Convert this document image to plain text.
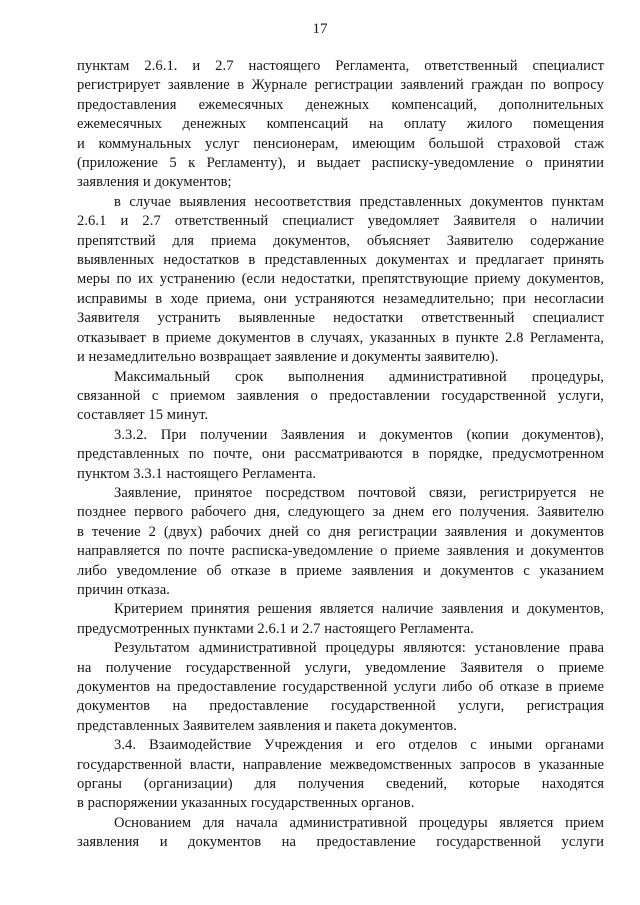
17

пунктам 2.6.1. и 2.7 настоящего Регламента, ответственный специалист
регистрирует заявление в Журнале регистрации заявлений граждан по вопросу
предоставления ежемесячных денежных компенсаций, дополнительных
ежемесячных денежных компенсаций на оплату жилого помещения
и коммунальных услуг пенсионерам, имеющим большой страховой стаж
(приложение 5 к Регламенту), и выдает расписку-уведомление о принятии
заявления и документов;

в случае выявления несоответствия представленных документов пунктам
2.6.1 и 2.7 ответственный специалист уведомляет Заявителя о наличии
препятствий для приема документов, объясняет Заявителю содержание
выявленных недостатков в представленных документах и предлагает принять
меры по их устранению (если недостатки, препятствующие приему документов,
исправимы в ходе приема, они устраняются незамедлительно; при несогласии
Заявителя устранить выявленные недостатки ответственный специалист
отказывает в приеме документов в случаях, указанных в пункте 2.8 Регламента,
и незамедлительно возвращает заявление и документы заявителю).

Максимальный срок выполнения административной процедуры,
связанной с приемом заявления о предоставлении государственной услуги,
составляет 15 минут.

3.3.2. При получении Заявления и документов (копии документов),
представленных по почте, они рассматриваются в порядке, предусмотренном
пунктом 3.3.1 настоящего Регламента.

Заявление, принятое посредством почтовой связи, регистрируется не
позднее первого рабочего дня, следующего за днем его получения. Заявителю
в течение 2 (двух) рабочих дней со дня регистрации заявления и документов
направляется по почте расписка-уведомление о приеме заявления и документов
либо уведомление об отказе в приеме заявления и документов с указанием
причин отказа.

Критерием принятия решения является наличие заявления и документов,
предусмотренных пунктами 2.6.1 и 2.7 настоящего Регламента.

Результатом административной процедуры являются: установление права
на получение государственной услуги, уведомление Заявителя о приеме
документов на предоставление государственной услуги либо об отказе в приеме
документов на предоставление государственной услуги, регистрация
представленных Заявителем заявления и пакета документов.

3.4. Взаимодействие Учреждения и его отделов с иными органами
государственной власти, направление межведомственных запросов в указанные
органы (организации) для получения сведений, которые находятся
в распоряжении указанных государственных органов.

Основанием для начала административной процедуры является прием
заявления и документов на предоставление государственной услуги
